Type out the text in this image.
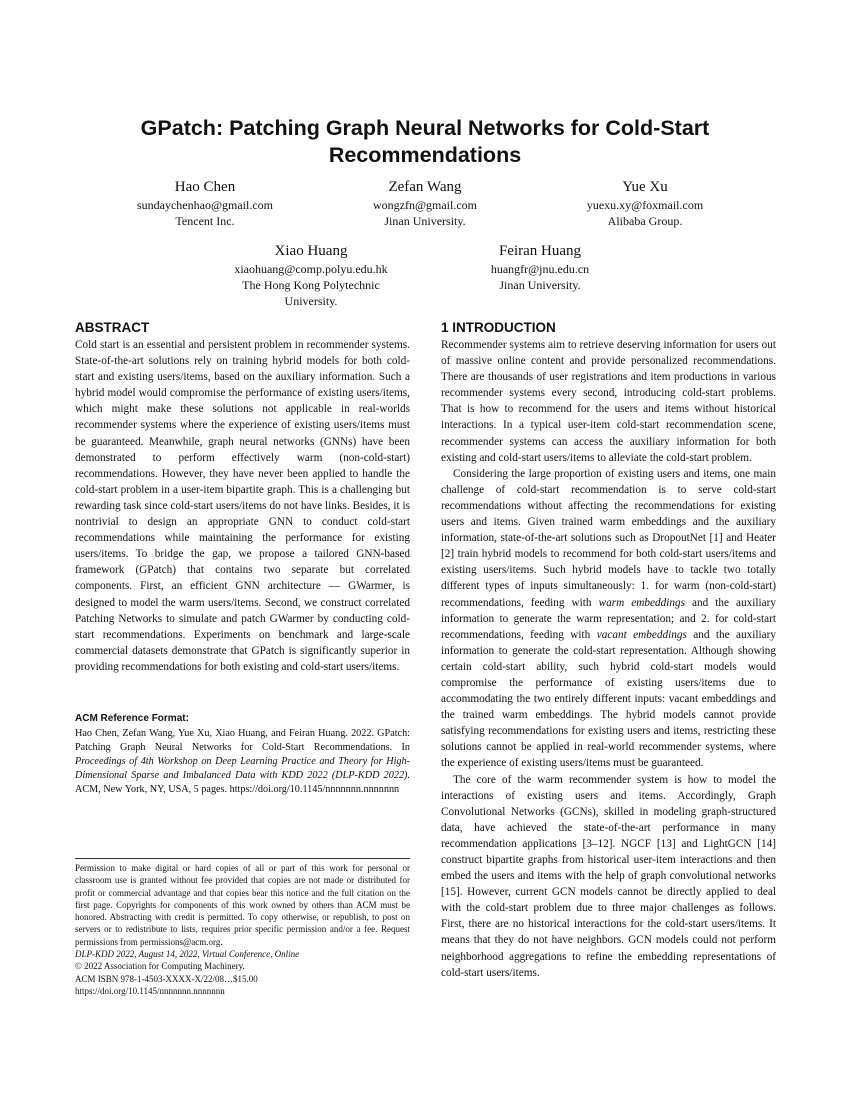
GPatch: Patching Graph Neural Networks for Cold-Start Recommendations
Hao Chen
sundaychenhao@gmail.com
Tencent Inc.
Zefan Wang
wongzfn@gmail.com
Jinan University.
Yue Xu
yuexu.xy@foxmail.com
Alibaba Group.
Xiao Huang
xiaohuang@comp.polyu.edu.hk
The Hong Kong Polytechnic University.
Feiran Huang
huangfr@jnu.edu.cn
Jinan University.
ABSTRACT

Cold start is an essential and persistent problem in recommender systems. State-of-the-art solutions rely on training hybrid models for both cold-start and existing users/items, based on the auxiliary information. Such a hybrid model would compromise the performance of existing users/items, which might make these solutions not applicable in real-worlds recommender systems where the experience of existing users/items must be guaranteed. Meanwhile, graph neural networks (GNNs) have been demonstrated to perform effectively warm (non-cold-start) recommendations. However, they have never been applied to handle the cold-start problem in a user-item bipartite graph. This is a challenging but rewarding task since cold-start users/items do not have links. Besides, it is nontrivial to design an appropriate GNN to conduct cold-start recommendations while maintaining the performance for existing users/items. To bridge the gap, we propose a tailored GNN-based framework (GPatch) that contains two separate but correlated components. First, an efficient GNN architecture — GWarmer, is designed to model the warm users/items. Second, we construct correlated Patching Networks to simulate and patch GWarmer by conducting cold-start recommendations. Experiments on benchmark and large-scale commercial datasets demonstrate that GPatch is significantly superior in providing recommendations for both existing and cold-start users/items.

ACM Reference Format:

Hao Chen, Zefan Wang, Yue Xu, Xiao Huang, and Feiran Huang. 2022. GPatch: Patching Graph Neural Networks for Cold-Start Recommendations. In Proceedings of 4th Workshop on Deep Learning Practice and Theory for High-Dimensional Sparse and Imbalanced Data with KDD 2022 (DLP-KDD 2022). ACM, New York, NY, USA, 5 pages. https://doi.org/10.1145/nnnnnnn.nnnnnnn

Permission to make digital or hard copies of all or part of this work for personal or classroom use is granted without fee provided that copies are not made or distributed for profit or commercial advantage and that copies bear this notice and the full citation on the first page. Copyrights for components of this work owned by others than ACM must be honored. Abstracting with credit is permitted. To copy otherwise, or republish, to post on servers or to redistribute to lists, requires prior specific permission and/or a fee. Request permissions from permissions@acm.org.
DLP-KDD 2022, August 14, 2022, Virtual Conference, Online
© 2022 Association for Computing Machinery.
ACM ISBN 978-1-4503-XXXX-X/22/08…$15.00
https://doi.org/10.1145/nnnnnnn.nnnnnnn
1 INTRODUCTION

Recommender systems aim to retrieve deserving information for users out of massive online content and provide personalized recommendations. There are thousands of user registrations and item productions in various recommender systems every second, introducing cold-start problems. That is how to recommend for the users and items without historical interactions. In a typical user-item cold-start recommendation scene, recommender systems can access the auxiliary information for both existing and cold-start users/items to alleviate the cold-start problem.

Considering the large proportion of existing users and items, one main challenge of cold-start recommendation is to serve cold-start recommendations without affecting the recommendations for existing users and items. Given trained warm embeddings and the auxiliary information, state-of-the-art solutions such as DropoutNet [1] and Heater [2] train hybrid models to recommend for both cold-start users/items and existing users/items. Such hybrid models have to tackle two totally different types of inputs simultaneously: 1. for warm (non-cold-start) recommendations, feeding with warm embeddings and the auxiliary information to generate the warm representation; and 2. for cold-start recommendations, feeding with vacant embeddings and the auxiliary information to generate the cold-start representation. Although showing certain cold-start ability, such hybrid cold-start models would compromise the performance of existing users/items due to accommodating the two entirely different inputs: vacant embeddings and the trained warm embeddings. The hybrid models cannot provide satisfying recommendations for existing users and items, restricting these solutions cannot be applied in real-world recommender systems, where the experience of existing users/items must be guaranteed.

The core of the warm recommender system is how to model the interactions of existing users and items. Accordingly, Graph Convolutional Networks (GCNs), skilled in modeling graph-structured data, have achieved the state-of-the-art performance in many recommendation applications [3–12]. NGCF [13] and LightGCN [14] construct bipartite graphs from historical user-item interactions and then embed the users and items with the help of graph convolutional networks [15]. However, current GCN models cannot be directly applied to deal with the cold-start problem due to three major challenges as follows. First, there are no historical interactions for the cold-start users/items. It means that they do not have neighbors. GCN models could not perform neighborhood aggregations to refine the embedding representations of cold-start users/items.
